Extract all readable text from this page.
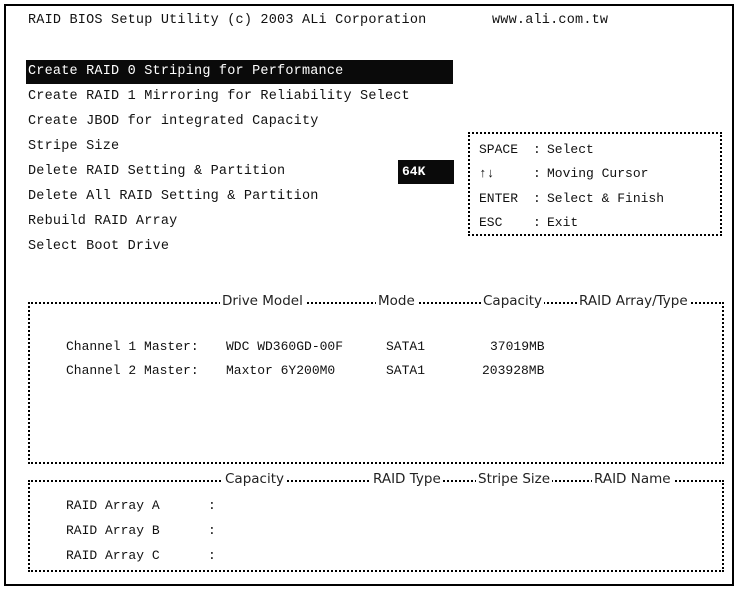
RAID BIOS Setup Utility (c) 2003 ALi Corporation	www.ali.com.tw
Create RAID 0 Striping for Performance
Create RAID 1 Mirroring for Reliability Select
Create JBOD for integrated Capacity
Stripe Size
Delete RAID Setting & Partition
Delete All RAID Setting & Partition
Rebuild RAID Array
Select Boot Drive
64K
SPACE : Select
↑↓	: Moving Cursor
ENTER : Select & Finish
ESC : Exit
Drive Model	Mode	Capacity	RAID Array/Type
Channel 1 Master: WDC WD360GD-00F	SATA1	37019MB
Channel 2 Master: Maxtor 6Y200M0	SATA1	203928MB
Capacity	RAID Type	Stripe Size	RAID Name
RAID Array A	:
RAID Array B	:
RAID Array C	:
